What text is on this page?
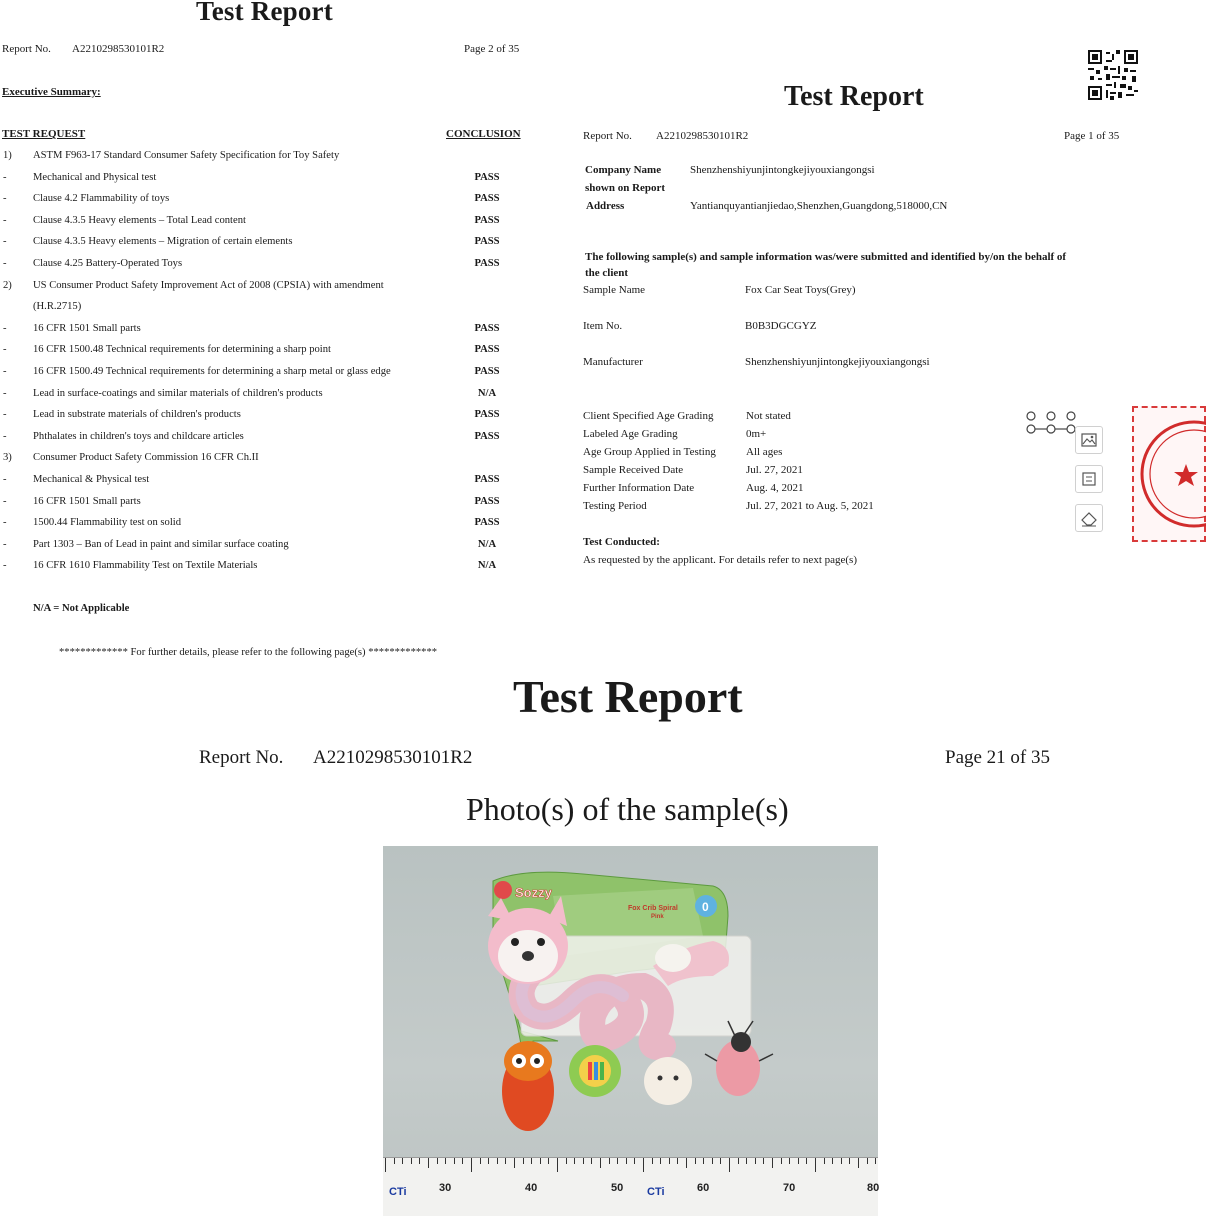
Test Report
Report No. A2210298530101R2	Page 2 of 35
Executive Summary:
TEST REQUEST	CONCLUSION
1) ASTM F963-17 Standard Consumer Safety Specification for Toy Safety
- Mechanical and Physical test	PASS
- Clause 4.2 Flammability of toys	PASS
- Clause 4.3.5 Heavy elements – Total Lead content	PASS
- Clause 4.3.5 Heavy elements – Migration of certain elements	PASS
- Clause 4.25 Battery-Operated Toys	PASS
2) US Consumer Product Safety Improvement Act of 2008 (CPSIA) with amendment
(H.R.2715)
- 16 CFR 1501 Small parts	PASS
- 16 CFR 1500.48 Technical requirements for determining a sharp point	PASS
- 16 CFR 1500.49 Technical requirements for determining a sharp metal or glass edge	PASS
- Lead in surface-coatings and similar materials of children's products	N/A
- Lead in substrate materials of children's products	PASS
- Phthalates in children's toys and childcare articles	PASS
3) Consumer Product Safety Commission 16 CFR Ch.II
- Mechanical & Physical test	PASS
- 16 CFR 1501 Small parts	PASS
- 1500.44 Flammability test on solid	PASS
- Part 1303 – Ban of Lead in paint and similar surface coating	N/A
- 16 CFR 1610 Flammability Test on Textile Materials	N/A
N/A = Not Applicable
************* For further details, please refer to the following page(s) *************
Test Report
Report No. A2210298530101R2	Page 1 of 35
Company Name
shown on Report
Shenzhenshiyunjintongkejiyouxiangongsi
Address	Yantianquyantianjiedao,Shenzhen,Guangdong,518000,CN
The following sample(s) and sample information was/were submitted and identified by/on the behalf of
the client
Sample Name	Fox Car Seat Toys(Grey)
Item No.	B0B3DGCGYZ
Manufacturer	Shenzhenshiyunjintongkejiyouxiangongsi
Client Specified Age Grading	Not stated
Labeled Age Grading	0m+
Age Group Applied in Testing	All ages
Sample Received Date	Jul. 27, 2021
Further Information Date	Aug. 4, 2021
Testing Period	Jul. 27, 2021 to Aug. 5, 2021
Test Conducted:
As requested by the applicant. For details refer to next page(s)
Test Report
Report No. A2210298530101R2	Page 21 of 35
Photo(s) of the sample(s)
Sozzy
Fox Crib Spiral
Pink
0
30	40	50	60	70	80
CTi	CTi
